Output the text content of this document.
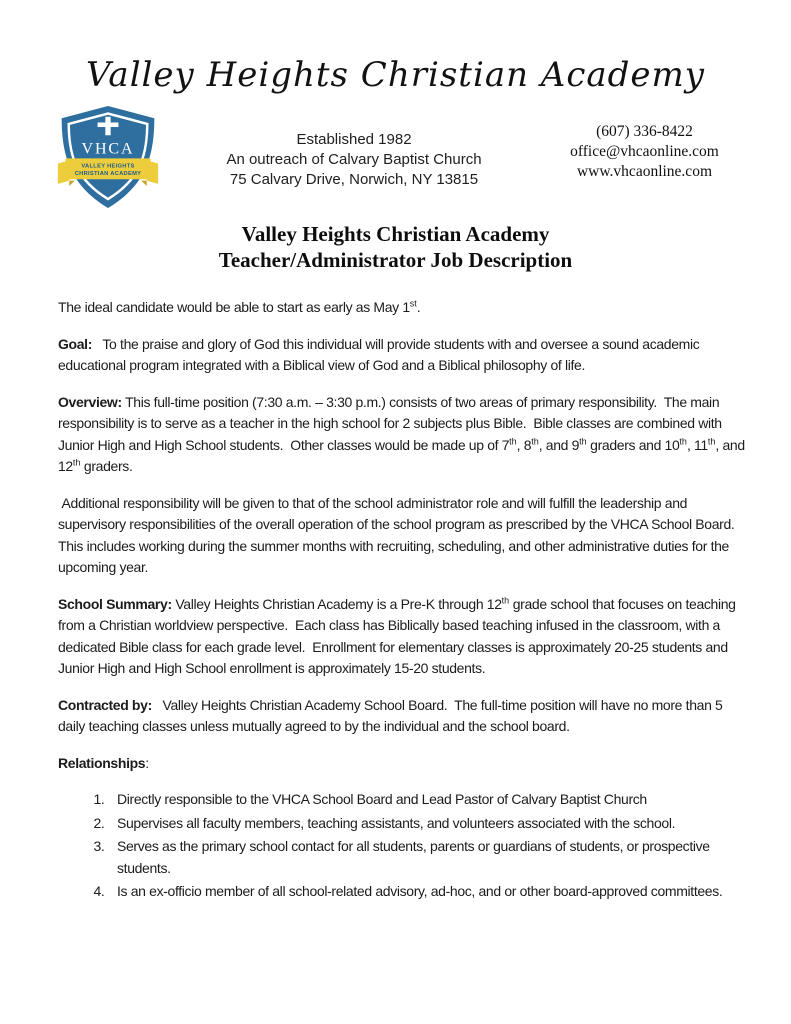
Valley Heights Christian Academy
VHCA
VALLEY HEIGHTS
CHRISTIAN ACADEMY
Established 1982
An outreach of Calvary Baptist Church
75 Calvary Drive, Norwich, NY 13815
(607) 336-8422
office@vhcaonline.com
www.vhcaonline.com
Valley Heights Christian Academy
Teacher/Administrator Job Description

The ideal candidate would be able to start as early as May 1st.

Goal:   To the praise and glory of God this individual will provide students with and oversee a sound academic educational program integrated with a Biblical view of God and a Biblical philosophy of life.

Overview: This full-time position (7:30 a.m. – 3:30 p.m.) consists of two areas of primary responsibility.  The main responsibility is to serve as a teacher in the high school for 2 subjects plus Bible.  Bible classes are combined with Junior High and High School students.  Other classes would be made up of 7th, 8th, and 9th graders and 10th, 11th, and 12th graders.

Additional responsibility will be given to that of the school administrator role and will fulfill the leadership and supervisory responsibilities of the overall operation of the school program as prescribed by the VHCA School Board.  This includes working during the summer months with recruiting, scheduling, and other administrative duties for the upcoming year.

School Summary: Valley Heights Christian Academy is a Pre-K through 12th grade school that focuses on teaching from a Christian worldview perspective.  Each class has Biblically based teaching infused in the classroom, with a dedicated Bible class for each grade level.  Enrollment for elementary classes is approximately 20-25 students and Junior High and High School enrollment is approximately 15-20 students.

Contracted by:   Valley Heights Christian Academy School Board.  The full-time position will have no more than 5 daily teaching classes unless mutually agreed to by the individual and the school board.

Relationships:

1. Directly responsible to the VHCA School Board and Lead Pastor of Calvary Baptist Church
2. Supervises all faculty members, teaching assistants, and volunteers associated with the school.
3. Serves as the primary school contact for all students, parents or guardians of students, or prospective students.
4. Is an ex-officio member of all school-related advisory, ad-hoc, and or other board-approved committees.
